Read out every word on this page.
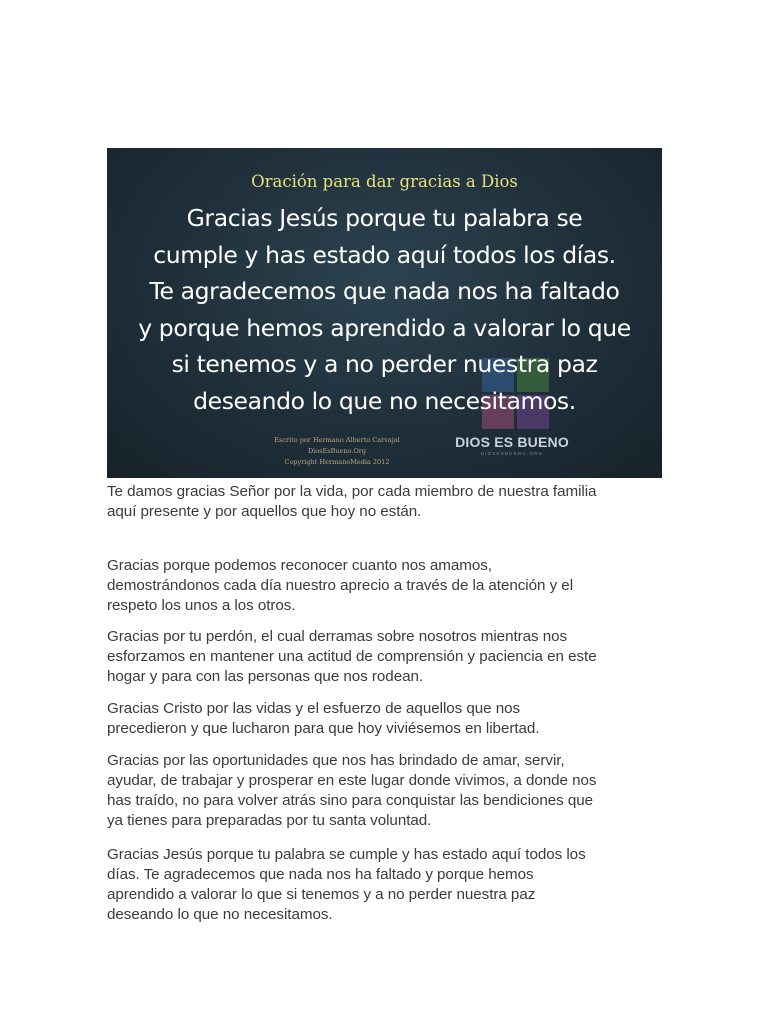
Oración para dar gracias a Dios

Gracias Jesús porque tu palabra se
cumple y has estado aquí todos los días.
Te agradecemos que nada nos ha faltado
y porque hemos aprendido a valorar lo que
si tenemos y a no perder nuestra paz
deseando lo que no necesitamos.

Escrito por Hermano Alberto Carvajal
DiosEsBueno.Org
Copyright HermanoMedia 2012
DIOS ES BUENO
DIOSESBUENO.ORG

Te damos gracias Señor por la vida, por cada miembro de nuestra familia
aquí presente y por aquellos que hoy no están.

Gracias porque podemos reconocer cuanto nos amamos,
demostrándonos cada día nuestro aprecio a través de la atención y el
respeto los unos a los otros.

Gracias por tu perdón, el cual derramas sobre nosotros mientras nos
esforzamos en mantener una actitud de comprensión y paciencia en este
hogar y para con las personas que nos rodean.

Gracias Cristo por las vidas y el esfuerzo de aquellos que nos
precedieron y que lucharon para que hoy viviésemos en libertad.

Gracias por las oportunidades que nos has brindado de amar, servir,
ayudar, de trabajar y prosperar en este lugar donde vivimos, a donde nos
has traído, no para volver atrás sino para conquistar las bendiciones que
ya tienes para preparadas por tu santa voluntad.

Gracias Jesús porque tu palabra se cumple y has estado aquí todos los
días. Te agradecemos que nada nos ha faltado y porque hemos
aprendido a valorar lo que si tenemos y a no perder nuestra paz
deseando lo que no necesitamos.
